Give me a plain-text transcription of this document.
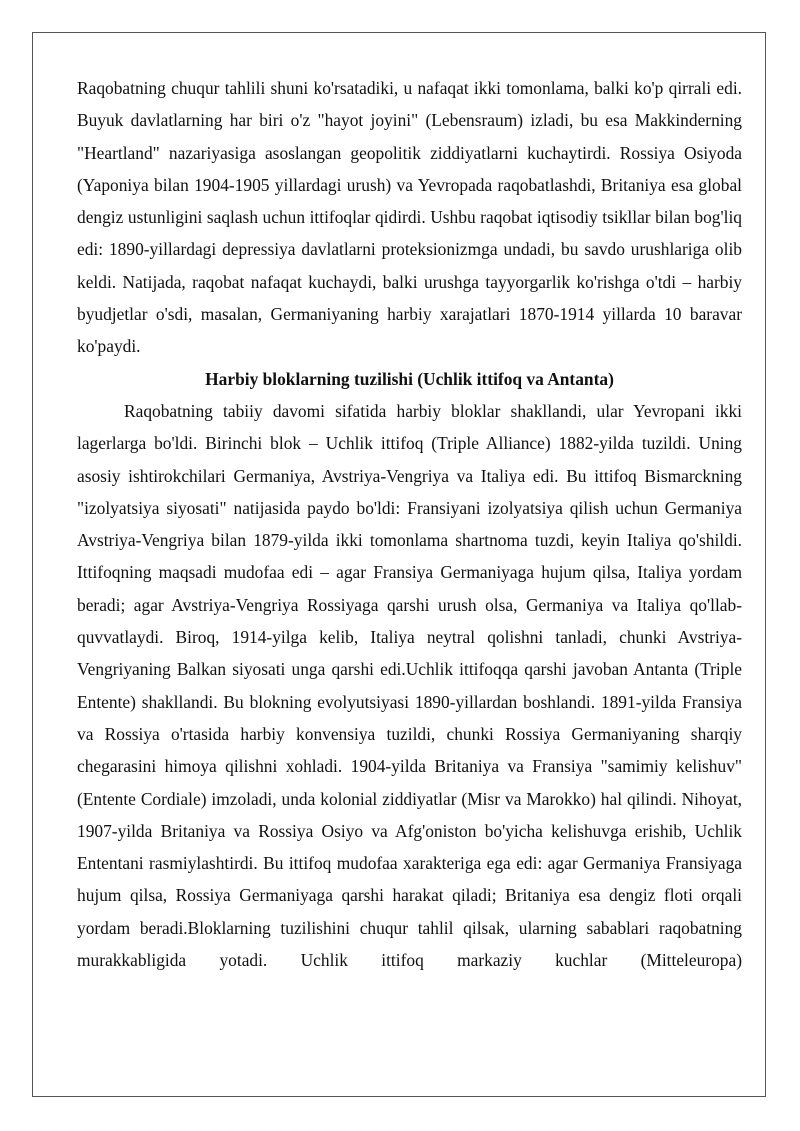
Raqobatning chuqur tahlili shuni ko'rsatadiki, u nafaqat ikki tomonlama, balki ko'p qirrali edi. Buyuk davlatlarning har biri o'z "hayot joyini" (Lebensraum) izladi, bu esa Makkinderning "Heartland" nazariyasiga asoslangan geopolitik ziddiyatlarni kuchaytirdi. Rossiya Osiyoda (Yaponiya bilan 1904-1905 yillardagi urush) va Yevropada raqobatlashdi, Britaniya esa global dengiz ustunligini saqlash uchun ittifoqlar qidirdi. Ushbu raqobat iqtisodiy tsikllar bilan bog'liq edi: 1890-yillardagi depressiya davlatlarni proteksionizmga undadi, bu savdo urushlariga olib keldi. Natijada, raqobat nafaqat kuchaydi, balki urushga tayyorgarlik ko'rishga o'tdi – harbiy byudjetlar o'sdi, masalan, Germaniyaning harbiy xarajatlari 1870-1914 yillarda 10 baravar ko'paydi.

Harbiy bloklarning tuzilishi (Uchlik ittifoq va Antanta)

Raqobatning tabiiy davomi sifatida harbiy bloklar shakllandi, ular Yevropani ikki lagerlarga bo'ldi. Birinchi blok – Uchlik ittifoq (Triple Alliance) 1882-yilda tuzildi. Uning asosiy ishtirokchilari Germaniya, Avstriya-Vengriya va Italiya edi. Bu ittifoq Bismarckning "izolyatsiya siyosati" natijasida paydo bo'ldi: Fransiyani izolyatsiya qilish uchun Germaniya Avstriya-Vengriya bilan 1879-yilda ikki tomonlama shartnoma tuzdi, keyin Italiya qo'shildi. Ittifoqning maqsadi mudofaa edi – agar Fransiya Germaniyaga hujum qilsa, Italiya yordam beradi; agar Avstriya-Vengriya Rossiyaga qarshi urush olsa, Germaniya va Italiya qo'llab-quvvatlaydi. Biroq, 1914-yilga kelib, Italiya neytral qolishni tanladi, chunki Avstriya-Vengriyaning Balkan siyosati unga qarshi edi.Uchlik ittifoqqa qarshi javoban Antanta (Triple Entente) shakllandi. Bu blokning evolyutsiyasi 1890-yillardan boshlandi. 1891-yilda Fransiya va Rossiya o'rtasida harbiy konvensiya tuzildi, chunki Rossiya Germaniyaning sharqiy chegarasini himoya qilishni xohladi. 1904-yilda Britaniya va Fransiya "samimiy kelishuv" (Entente Cordiale) imzoladi, unda kolonial ziddiyatlar (Misr va Marokko) hal qilindi. Nihoyat, 1907-yilda Britaniya va Rossiya Osiyo va Afg'oniston bo'yicha kelishuvga erishib, Uchlik Ententani rasmiylashtirdi. Bu ittifoq mudofaa xarakteriga ega edi: agar Germaniya Fransiyaga hujum qilsa, Rossiya Germaniyaga qarshi harakat qiladi; Britaniya esa dengiz floti orqali yordam beradi.Bloklarning tuzilishini chuqur tahlil qilsak, ularning sabablari raqobatning murakkabligida yotadi. Uchlik ittifoq markaziy kuchlar (Mitteleuropa)
